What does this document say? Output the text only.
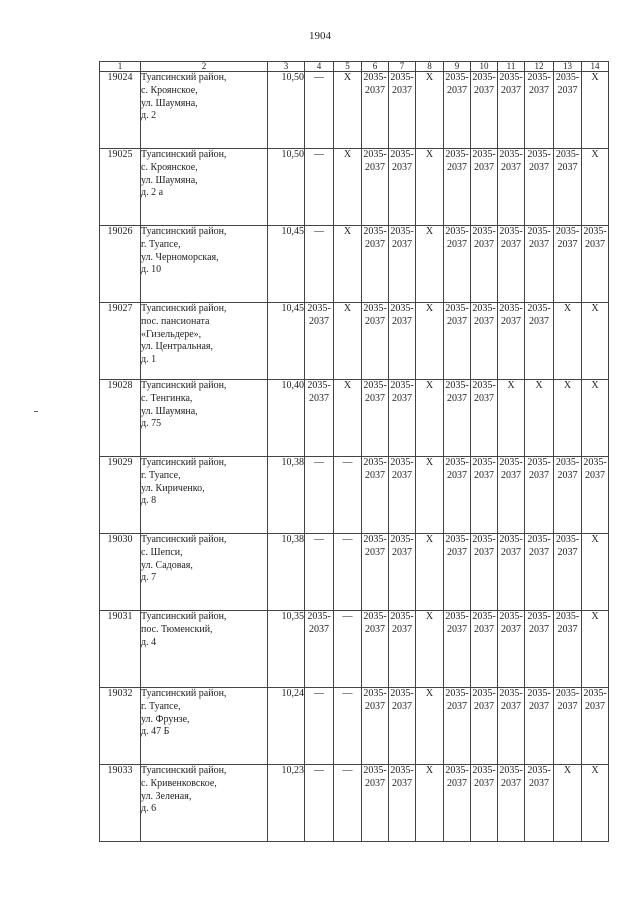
1904
1	2	3	4	5	6	7	8	9	10	11	12	13	14
19024	Туапсинский район,
с. Кроянское,
ул. Шаумяна,
д. 2	10,50	—	X	2035-2037	2035-2037	X	2035-2037	2035-2037	2035-2037	2035-2037	2035-2037	X
19025	Туапсинский район,
с. Кроянское,
ул. Шаумяна,
д. 2 а	10,50	—	X	2035-2037	2035-2037	X	2035-2037	2035-2037	2035-2037	2035-2037	2035-2037	X
19026	Туапсинский район,
г. Туапсе,
ул. Черноморская,
д. 10	10,45	—	X	2035-2037	2035-2037	X	2035-2037	2035-2037	2035-2037	2035-2037	2035-2037	2035-2037
19027	Туапсинский район,
пос. пансионата
«Гизельдере»,
ул. Центральная,
д. 1	10,45	2035-2037	X	2035-2037	2035-2037	X	2035-2037	2035-2037	2035-2037	2035-2037	X	X
19028	Туапсинский район,
с. Тенгинка,
ул. Шаумяна,
д. 75	10,40	2035-2037	X	2035-2037	2035-2037	X	2035-2037	2035-2037	X	X	X	X
19029	Туапсинский район,
г. Туапсе,
ул. Кириченко,
д. 8	10,38	—	—	2035-2037	2035-2037	X	2035-2037	2035-2037	2035-2037	2035-2037	2035-2037	2035-2037
19030	Туапсинский район,
с. Шепси,
ул. Садовая,
д. 7	10,38	—	—	2035-2037	2035-2037	X	2035-2037	2035-2037	2035-2037	2035-2037	2035-2037	X
19031	Туапсинский район,
пос. Тюменский,
д. 4	10,35	2035-2037	—	2035-2037	2035-2037	X	2035-2037	2035-2037	2035-2037	2035-2037	2035-2037	X
19032	Туапсинский район,
г. Туапсе,
ул. Фрунзе,
д. 47 Б	10,24	—	—	2035-2037	2035-2037	X	2035-2037	2035-2037	2035-2037	2035-2037	2035-2037	2035-2037
19033	Туапсинский район,
с. Кривенковское,
ул. Зеленая,
д. 6	10,23	—	—	2035-2037	2035-2037	X	2035-2037	2035-2037	2035-2037	2035-2037	X	X
